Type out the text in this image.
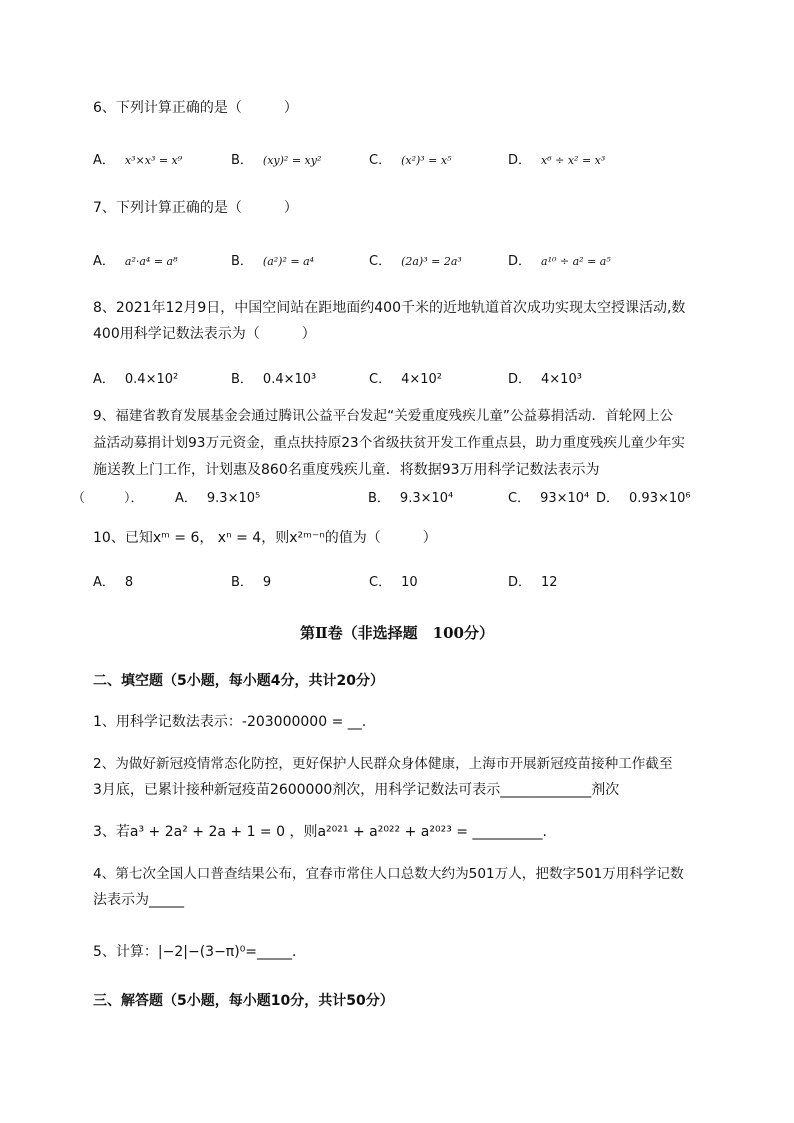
6、下列计算正确的是（　　　）
A． x³×x³ = x⁹	B． (xy)² = xy²	C． (x²)³ = x⁵	D． x⁶ ÷ x² = x³
7、下列计算正确的是（　　　）
A． a²·a⁴ = a⁸	B． (a²)² = a⁴	C． (2a)³ = 2a³	D． a¹⁰ ÷ a² = a⁵
8、2021年12月9日，中国空间站在距地面约400千米的近地轨道首次成功实现太空授课活动,数
400用科学记数法表示为（　　　）
A． 0.4×10²	B． 0.4×10³	C． 4×10²	D． 4×10³
9、福建省教育发展基金会通过腾讯公益平台发起“关爱重度残疾儿童”公益募捐活动．首轮网上公
益活动募捐计划93万元资金，重点扶持原23个省级扶贫开发工作重点县，助力重度残疾儿童少年实
施送教上门工作，计划惠及860名重度残疾儿童．将数据93万用科学记数法表示为
（　　　）． A． 9.3×10⁵	B． 9.3×10⁴	C． 93×10⁴ D． 0.93×10⁶
10、已知xᵐ = 6， xⁿ = 4，则x²ᵐ⁻ⁿ的值为（　　　）
A． 8	B． 9	C． 10	D． 12
第Ⅱ卷（非选择题　100分）
二、填空题（5小题，每小题4分，共计20分）
1、用科学记数法表示：-203000000 = __.
2、为做好新冠疫情常态化防控，更好保护人民群众身体健康，上海市开展新冠疫苗接种工作截至
3月底，已累计接种新冠疫苗2600000剂次，用科学记数法可表示_____________剂次
3、若a³ + 2a² + 2a + 1 = 0 ，则a²⁰²¹ + a²⁰²² + a²⁰²³ = __________.
4、第七次全国人口普查结果公布，宜春市常住人口总数大约为501万人，把数字501万用科学记数
法表示为_____
5、计算：|−2|−(3−π)⁰=_____．
三、解答题（5小题，每小题10分，共计50分）
